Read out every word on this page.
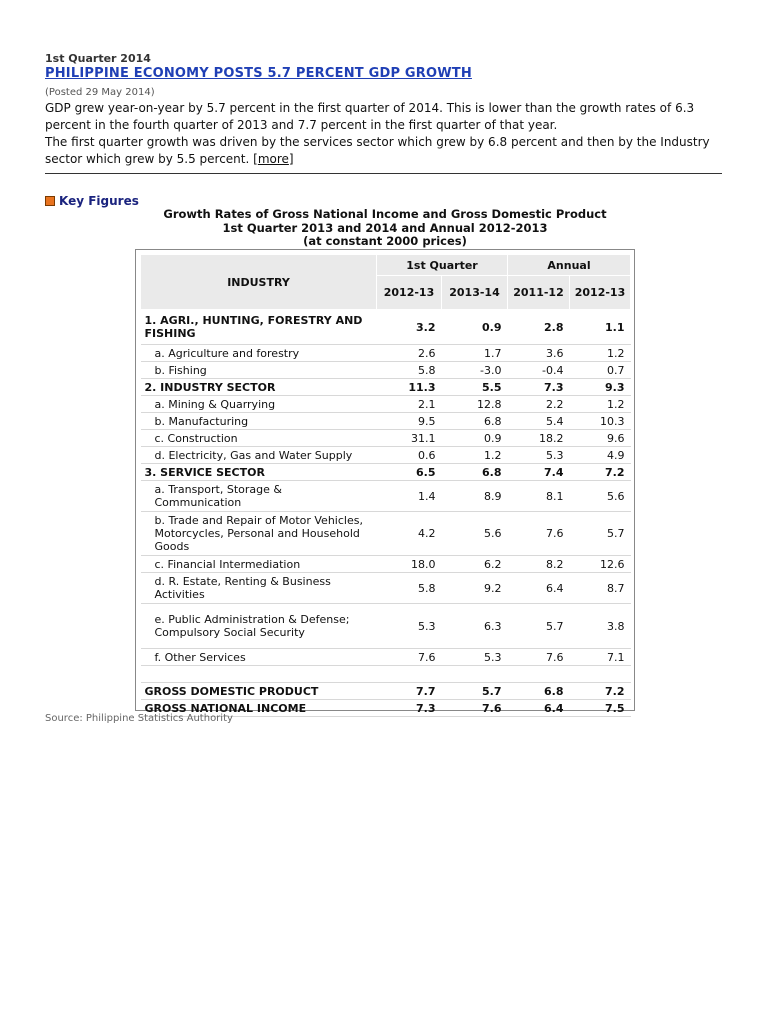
1st Quarter 2014
PHILIPPINE ECONOMY POSTS 5.7 PERCENT GDP GROWTH
(Posted 29 May 2014)

GDP grew year-on-year by 5.7 percent in the first quarter of 2014. This is lower than the growth rates of 6.3 percent in the fourth quarter of 2013 and 7.7 percent in the first quarter of that year.

The first quarter growth was driven by the services sector which grew by 6.8 percent and then by the Industry sector which grew by 5.5 percent. [more]

Key Figures
Growth Rates of Gross National Income and Gross Domestic Product
1st Quarter 2013 and 2014 and Annual 2012-2013
(at constant 2000 prices)
INDUSTRY	1st Quarter		Annual	
	2012-13	2013-14	2011-12	2012-13
1. AGRI., HUNTING, FORESTRY AND FISHING	3.2	0.9	2.8	1.1
a. Agriculture and forestry	2.6	1.7	3.6	1.2
b. Fishing	5.8	-3.0	-0.4	0.7
2. INDUSTRY SECTOR	11.3	5.5	7.3	9.3
a. Mining & Quarrying	2.1	12.8	2.2	1.2
b. Manufacturing	9.5	6.8	5.4	10.3
c. Construction	31.1	0.9	18.2	9.6
d. Electricity, Gas and Water Supply	0.6	1.2	5.3	4.9
3. SERVICE SECTOR	6.5	6.8	7.4	7.2
a. Transport, Storage & Communication	1.4	8.9	8.1	5.6
b. Trade and Repair of Motor Vehicles, Motorcycles, Personal and Household Goods	4.2	5.6	7.6	5.7
c. Financial Intermediation	18.0	6.2	8.2	12.6
d. R. Estate, Renting & Business Activities	5.8	9.2	6.4	8.7
e. Public Administration & Defense; Compulsory Social Security	5.3	6.3	5.7	3.8
f. Other Services	7.6	5.3	7.6	7.1

GROSS DOMESTIC PRODUCT	7.7	5.7	6.8	7.2
GROSS NATIONAL INCOME	7.3	7.6	6.4	7.5
Source: Philippine Statistics Authority
